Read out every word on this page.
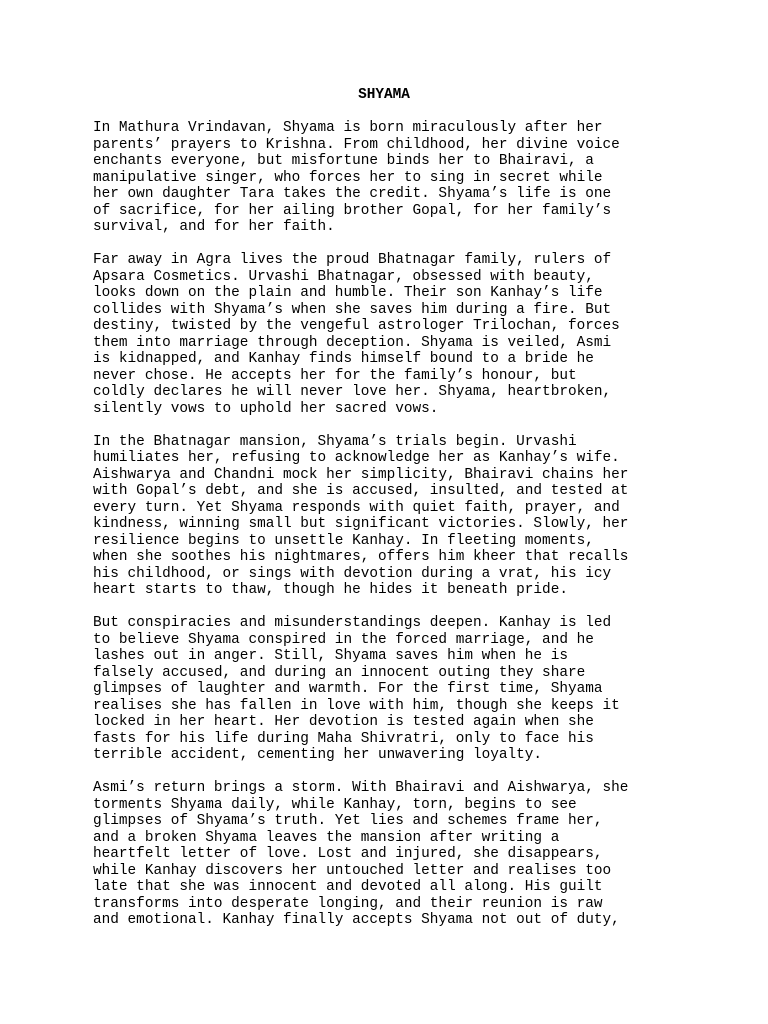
SHYAMA

In Mathura Vrindavan, Shyama is born miraculously after her
parents’ prayers to Krishna. From childhood, her divine voice
enchants everyone, but misfortune binds her to Bhairavi, a
manipulative singer, who forces her to sing in secret while
her own daughter Tara takes the credit. Shyama’s life is one
of sacrifice, for her ailing brother Gopal, for her family’s
survival, and for her faith.

Far away in Agra lives the proud Bhatnagar family, rulers of
Apsara Cosmetics. Urvashi Bhatnagar, obsessed with beauty,
looks down on the plain and humble. Their son Kanhay’s life
collides with Shyama’s when she saves him during a fire. But
destiny, twisted by the vengeful astrologer Trilochan, forces
them into marriage through deception. Shyama is veiled, Asmi
is kidnapped, and Kanhay finds himself bound to a bride he
never chose. He accepts her for the family’s honour, but
coldly declares he will never love her. Shyama, heartbroken,
silently vows to uphold her sacred vows.

In the Bhatnagar mansion, Shyama’s trials begin. Urvashi
humiliates her, refusing to acknowledge her as Kanhay’s wife.
Aishwarya and Chandni mock her simplicity, Bhairavi chains her
with Gopal’s debt, and she is accused, insulted, and tested at
every turn. Yet Shyama responds with quiet faith, prayer, and
kindness, winning small but significant victories. Slowly, her
resilience begins to unsettle Kanhay. In fleeting moments,
when she soothes his nightmares, offers him kheer that recalls
his childhood, or sings with devotion during a vrat, his icy
heart starts to thaw, though he hides it beneath pride.

But conspiracies and misunderstandings deepen. Kanhay is led
to believe Shyama conspired in the forced marriage, and he
lashes out in anger. Still, Shyama saves him when he is
falsely accused, and during an innocent outing they share
glimpses of laughter and warmth. For the first time, Shyama
realises she has fallen in love with him, though she keeps it
locked in her heart. Her devotion is tested again when she
fasts for his life during Maha Shivratri, only to face his
terrible accident, cementing her unwavering loyalty.

Asmi’s return brings a storm. With Bhairavi and Aishwarya, she
torments Shyama daily, while Kanhay, torn, begins to see
glimpses of Shyama’s truth. Yet lies and schemes frame her,
and a broken Shyama leaves the mansion after writing a
heartfelt letter of love. Lost and injured, she disappears,
while Kanhay discovers her untouched letter and realises too
late that she was innocent and devoted all along. His guilt
transforms into desperate longing, and their reunion is raw
and emotional. Kanhay finally accepts Shyama not out of duty,
